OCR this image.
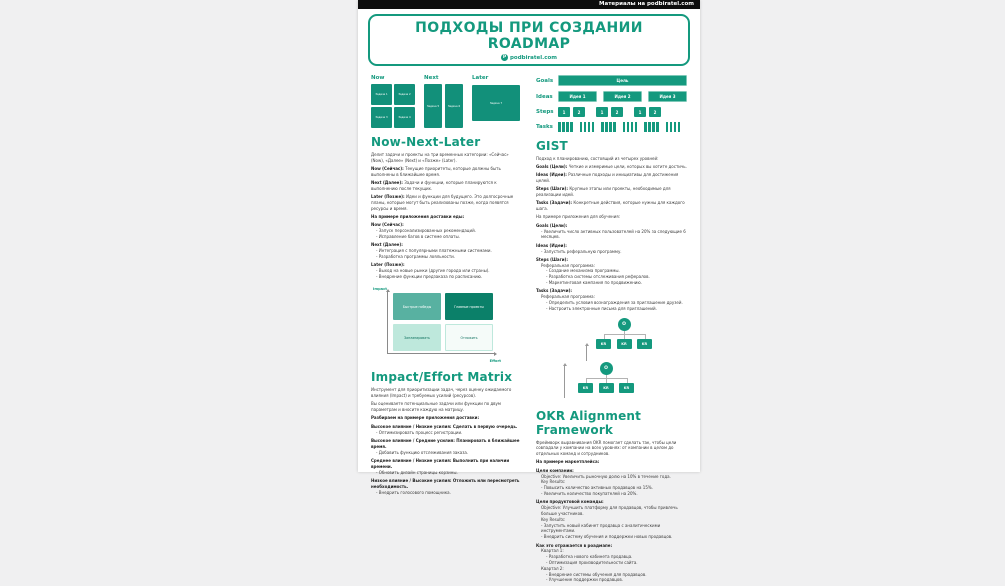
Материалы на podbiratel.com
ПОДХОДЫ ПРИ СОЗДАНИИ ROADMAP
P podbiratel.com
Now
Задача 1	Задача 2
Задача 3	Задача 4
Next
Задача 5	Задача 6
Later
Задача 7
Now-Next-Later
Делит задачи и проекты на три временных категории: «Сейчас» (Now), «Далее» (Next) и «Позже» (Later).
Now (Сейчас): Текущие приоритеты, которые должны быть выполнены в ближайшее время.
Next (Далее): Задачи и функции, которые планируются к выполнению после текущих.
Later (Позже): Идеи и функции для будущего. Это долгосрочные планы, которые могут быть реализованы позже, когда появятся ресурсы и время.
На примере приложения доставки еды:
Now (Сейчас):
- Запуск персонализированных рекомендаций.
- Исправление багов в системе оплаты.
Next (Далее):
- Интеграция с популярными платежными системами.
- Разработка программы лояльности.
Later (Позже):
- Выход на новые рынки (другие города или страны).
- Внедрение функции предзаказа по расписанию.
Impact
Быстрые победы	Главные проекты
Запланировать	Отложить
Effort
Impact/Effort Matrix
Инструмент для приоритизации задач, через оценку ожидаемого влияния (Impact) и требуемых усилий (ресурсов).
Вы оцениваете потенциальные задачи или функции по двум параметрам и вносите каждую на матрицу.
Разбираем на примере приложения доставки:
Высокое влияние / Низкие усилия: Сделать в первую очередь.
- Оптимизировать процесс регистрации.
Высокое влияние / Средние усилия: Планировать в ближайшее время.
- Добавить функцию отслеживания заказа.
Среднее влияние / Низкие усилия: Выполнить при наличии времени.
- Обновить дизайн страницы корзины.
Низкое влияние / Высокие усилия: Отложить или пересмотреть необходимость.
- Внедрить голосового помощника.
Goals	Цель
Ideas	Идея 1	Идея 2	Идея 3
Steps	1	2	1	2	1	2
Tasks
GIST
Подход к планированию, состоящий из четырех уровней:
Goals (Цели): Четкие и измеримые цели, которых вы хотите достичь.
Ideas (Идеи): Различные подходы и инициативы для достижения целей.
Steps (Шаги): Крупные этапы или проекты, необходимые для реализации идей.
Tasks (Задачи): Конкретные действия, которые нужны для каждого шага.
На примере приложения для обучения:
Goals (Цели):
- Увеличить число активных пользователей на 20% за следующие 6 месяцев.
Ideas (Идеи):
- Запустить реферальную программу.
Steps (Шаги):
Реферальная программа:
- Создание механизма программы.
- Разработка системы отслеживания рефералов.
- Маркетинговая кампания по продвижению.
Tasks (Задачи):
Реферальная программа:
- Определить условия вознаграждения за приглашение друзей.
- Настроить электронные письма для приглашений.
O
KR	KR	KR
O
KR	KR	KR
OKR Alignment Framework
Фреймворк выравнивания OKR помогает сделать так, чтобы цели совпадали у компании на всех уровнях: от компании в целом до отдельных команд и сотрудников.
На примере маркетплейса:
Цели компании:
Objective: Увеличить рыночную долю на 10% в течение года.
Key Results:
- Повысить количество активных продавцов на 15%.
- Увеличить количество покупателей на 20%.
Цели продуктовой команды:
Objective: Улучшить платформу для продавцов, чтобы привлечь больше участников.
Key Results:
- Запустить новый кабинет продавца с аналитическими инструментами.
- Внедрить систему обучения и поддержки новых продавцов.
Как это отражается в роадмапе:
Квартал 1:
- Разработка нового кабинета продавца.
- Оптимизация производительности сайта.
Квартал 2:
- Внедрение системы обучения для продавцов.
- Улучшение поддержки продавцов.
